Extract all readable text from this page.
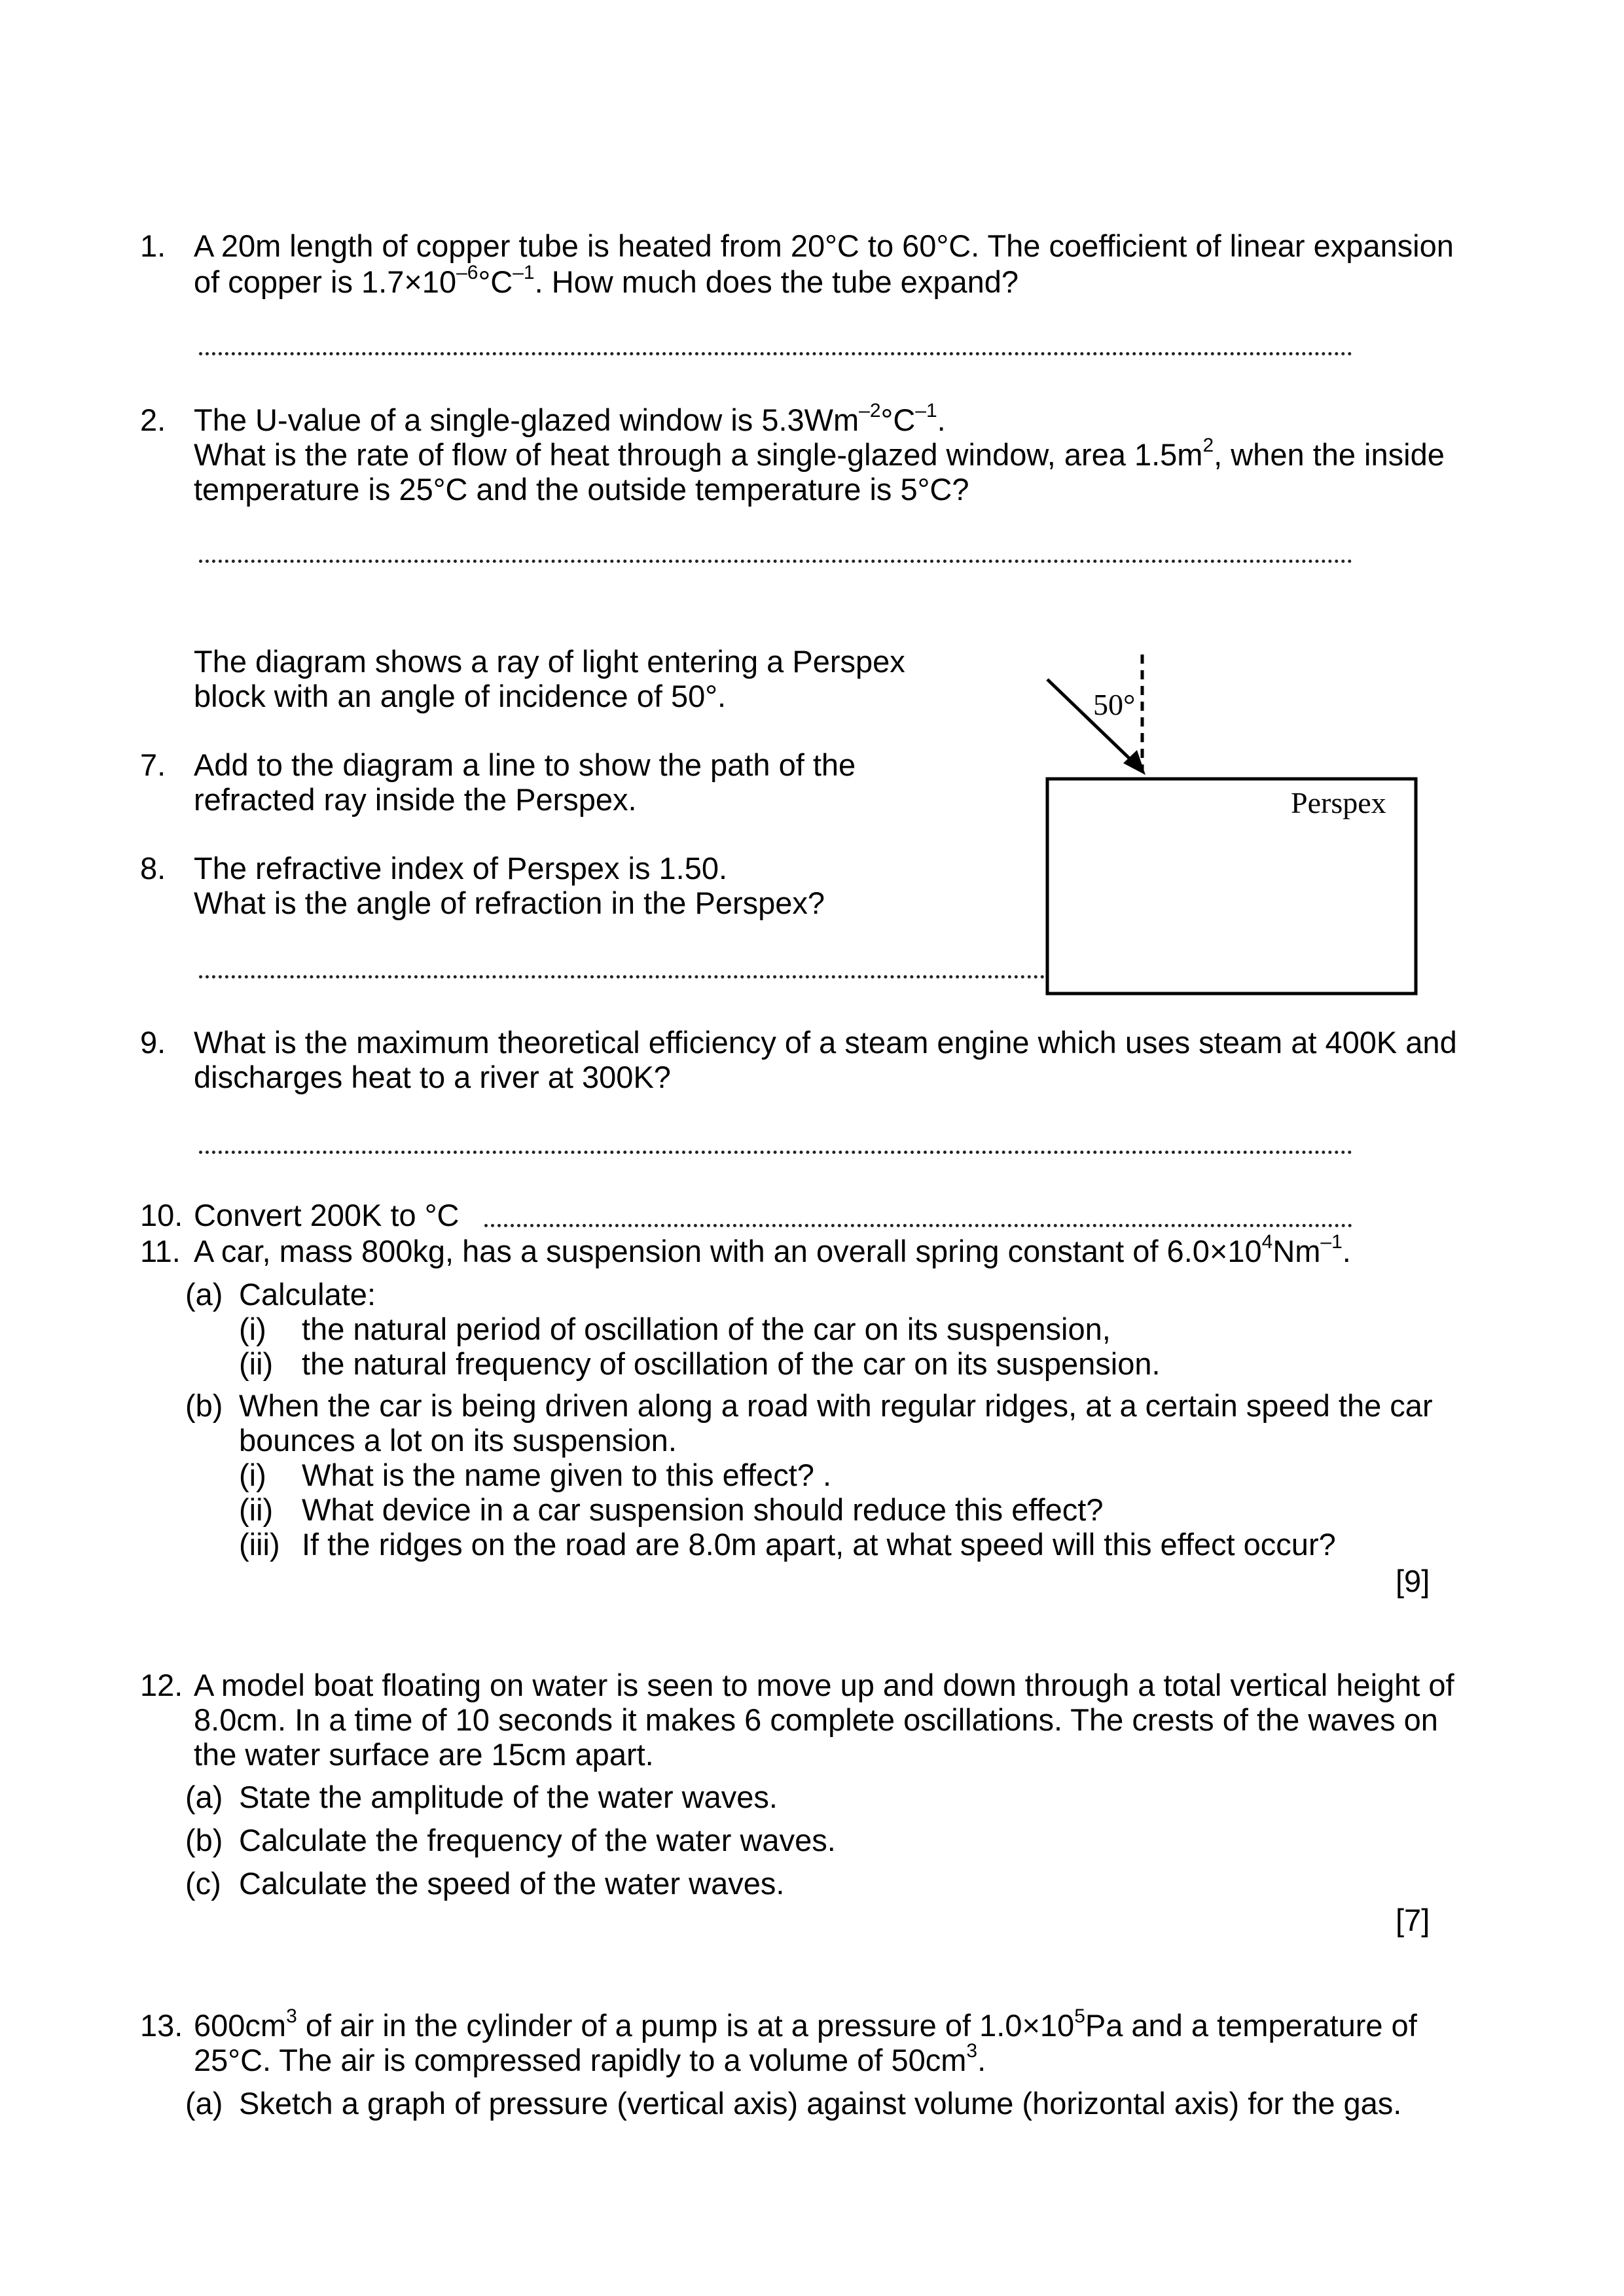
1. A 20m length of copper tube is heated from 20°C to 60°C. The coefficient of linear expansion
of copper is $1.7\times 10^{-6}^\circ C^{-1}$. How much does the tube expand?
2. The U-value of a single-glazed window is $5.3Wm^{-2}^\circ C^{-1}$.
What is the rate of flow of heat through a single-glazed window, area $1.5m^2$, when the inside
temperature is 25°C and the outside temperature is 5°C?
The diagram shows a ray of light entering a Perspex
block with an angle of incidence of 50°.
7. Add to the diagram a line to show the path of the
refracted ray inside the Perspex.
8. The refractive index of Perspex is 1.50.
What is the angle of refraction in the Perspex?
50°
Perspex
9. What is the maximum theoretical efficiency of a steam engine which uses steam at 400K and
discharges heat to a river at 300K?
10. Convert 200K to °C
11. A car, mass 800kg, has a suspension with an overall spring constant of $6.0\times 10^4Nm^{-1}$.
(a) Calculate:
(i) the natural period of oscillation of the car on its suspension,
(ii) the natural frequency of oscillation of the car on its suspension.
(b) When the car is being driven along a road with regular ridges, at a certain speed the car
bounces a lot on its suspension.
(i) What is the name given to this effect? .
(ii) What device in a car suspension should reduce this effect?
(iii) If the ridges on the road are 8.0m apart, at what speed will this effect occur?
[9]
12. A model boat floating on water is seen to move up and down through a total vertical height of
8.0cm. In a time of 10 seconds it makes 6 complete oscillations. The crests of the waves on
the water surface are 15cm apart.
(a) State the amplitude of the water waves.
(b) Calculate the frequency of the water waves.
(c) Calculate the speed of the water waves.
[7]
13. $600cm^3$ of air in the cylinder of a pump is at a pressure of $1.0\times 10^5Pa$ and a temperature of
25°C. The air is compressed rapidly to a volume of $50cm^3$.
(a) Sketch a graph of pressure (vertical axis) against volume (horizontal axis) for the gas.
